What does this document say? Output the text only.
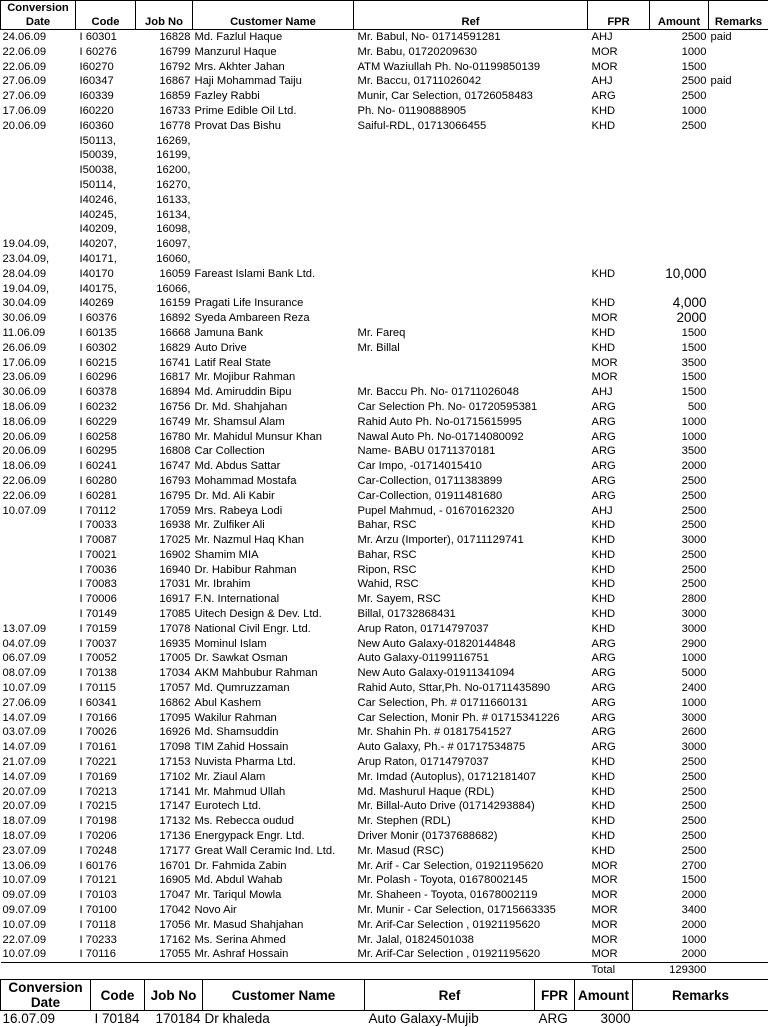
Conversion Date	Code	Job No	Customer Name	Ref	FPR	Amount	Remarks
24.06.09	I 60301	16828	Md. Fazlul Haque	Mr. Babul, No- 01714591281	AHJ	2500	paid
22.06.09	I 60276	16799	Manzurul Haque	Mr. Babu, 01720209630	MOR	1000	
22.06.09	I60270	16792	Mrs. Akhter Jahan	ATM Waziullah Ph. No-01199850139	MOR	1500	
27.06.09	I60347	16867	Haji Mohammad Taiju	Mr. Baccu, 01711026042	AHJ	2500	paid
27.06.09	I60339	16859	Fazley Rabbi	Munir, Car Selection, 01726058483	ARG	2500	
17.06.09	I60220	16733	Prime Edible Oil Ltd.	Ph. No- 01190888905	KHD	1000	
20.06.09	I60360	16778	Provat Das Bishu	Saiful-RDL, 01713066455	KHD	2500	
	I50113,	16269,					
	I50039,	16199,					
	I50038,	16200,					
	I50114,	16270,					
	I40246,	16133,					
	I40245,	16134,					
	I40209,	16098,					
19.04.09,	I40207,	16097,					
23.04.09,	I40171,	16060,					
28.04.09	I40170	16059	Fareast Islami Bank Ltd.		KHD	10,000	
19.04.09,	I40175,	16066,					
30.04.09	I40269	16159	Pragati Life Insurance		KHD	4,000	
30.06.09	I 60376	16892	Syeda Ambareen Reza		MOR	2000	
11.06.09	I 60135	16668	Jamuna Bank	Mr. Fareq	KHD	1500	
26.06.09	I 60302	16829	Auto Drive	Mr. Billal	KHD	1500	
17.06.09	I 60215	16741	Latif Real State		MOR	3500	
23.06.09	I 60296	16817	Mr. Mojibur Rahman		MOR	1500	
30.06.09	I 60378	16894	Md. Amiruddin Bipu	Mr. Baccu Ph. No- 01711026048	AHJ	1500	
18.06.09	I 60232	16756	Dr. Md. Shahjahan	Car Selection Ph. No- 01720595381	ARG	500	
18.06.09	I 60229	16749	Mr. Shamsul Alam	Rahid Auto Ph. No-01715615995	ARG	1000	
20.06.09	I 60258	16780	Mr. Mahidul Munsur Khan	Nawal Auto Ph. No-01714080092	ARG	1000	
20.06.09	I 60295	16808	Car Collection	Name- BABU 01711370181	ARG	3500	
18.06.09	I 60241	16747	Md. Abdus Sattar	Car Impo, -01714015410	ARG	2000	
22.06.09	I 60280	16793	Mohammad Mostafa	Car-Collection, 01711383899	ARG	2500	
22.06.09	I 60281	16795	Dr. Md. Ali Kabir	Car-Collection, 01911481680	ARG	2500	
10.07.09	I 70112	17059	Mrs. Rabeya Lodi	Pupel Mahmud, - 01670162320	AHJ	2500	
	I 70033	16938	Mr. Zulfiker Ali	Bahar, RSC	KHD	2500	
	I 70087	17025	Mr. Nazmul Haq Khan	Mr. Arzu (Importer), 01711129741	KHD	3000	
	I 70021	16902	Shamim MIA	Bahar, RSC	KHD	2500	
	I 70036	16940	Dr. Habibur Rahman	Ripon, RSC	KHD	2500	
	I 70083	17031	Mr. Ibrahim	Wahid, RSC	KHD	2500	
	I 70006	16917	F.N. International	Mr. Sayem, RSC	KHD	2800	
	I 70149	17085	Uitech Design & Dev. Ltd.	Billal, 01732868431	KHD	3000	
13.07.09	I 70159	17078	National Civil Engr. Ltd.	Arup Raton, 01714797037	KHD	3000	
04.07.09	I 70037	16935	Mominul Islam	New Auto Galaxy-01820144848	ARG	2900	
06.07.09	I 70052	17005	Dr. Sawkat Osman	Auto Galaxy-01199116751	ARG	1000	
08.07.09	I 70138	17034	AKM Mahbubur Rahman	New Auto Galaxy-01911341094	ARG	5000	
10.07.09	I 70115	17057	Md. Qumruzzaman	Rahid Auto, Sttar,Ph. No-01711435890	ARG	2400	
27.06.09	I 60341	16862	Abul Kashem	Car Selection, Ph. # 01711660131	ARG	1000	
14.07.09	I 70166	17095	Wakilur Rahman	Car Selection, Monir Ph. # 01715341226	ARG	3000	
03.07.09	I 70026	16926	Md. Shamsuddin	Mr. Shahin Ph. # 01817541527	ARG	2600	
14.07.09	I 70161	17098	TIM Zahid Hossain	Auto Galaxy, Ph.- # 01717534875	ARG	3000	
21.07.09	I 70221	17153	Nuvista Pharma Ltd.	Arup Raton, 01714797037	KHD	2500	
14.07.09	I 70169	17102	Mr. Ziaul Alam	Mr. Imdad (Autoplus), 01712181407	KHD	2500	
20.07.09	I 70213	17141	Mr. Mahmud Ullah	Md. Mashurul Haque (RDL)	KHD	2500	
20.07.09	I 70215	17147	Eurotech Ltd.	Mr. Billal-Auto Drive (01714293884)	KHD	2500	
18.07.09	I 70198	17132	Ms. Rebecca oudud	Mr. Stephen (RDL)	KHD	2500	
18.07.09	I 70206	17136	Energypack Engr. Ltd.	Driver Monir (01737688682)	KHD	2500	
23.07.09	I 70248	17177	Great Wall Ceramic Ind. Ltd.	Mr. Masud (RSC)	KHD	2500	
13.06.09	I 60176	16701	Dr. Fahmida Zabin	Mr. Arif - Car Selection, 01921195620	MOR	2700	
10.07.09	I 70121	16905	Md. Abdul Wahab	Mr. Polash - Toyota, 01678002145	MOR	1500	
09.07.09	I 70103	17047	Mr. Tariqul Mowla	Mr. Shaheen - Toyota, 01678002119	MOR	2000	
09.07.09	I 70100	17042	Novo Air	Mr. Munir - Car Selection, 01715663335	MOR	3400	
10.07.09	I 70118	17056	Mr. Masud Shahjahan	Mr. Arif-Car Selection , 01921195620	MOR	2000	
22.07.09	I 70233	17162	Ms. Serina Ahmed	Mr. Jalal, 01824501038	MOR	1000	
10.07.09	I 70116	17055	Mr. Ashraf Hossain	Mr. Arif-Car Selection , 01921195620	MOR	2000	
					Total	129300	
Conversion Date	Code	Job No	Customer Name	Ref	FPR	Amount	Remarks
16.07.09	I 70184	170184	Dr khaleda	Auto Galaxy-Mujib	ARG	3000	
